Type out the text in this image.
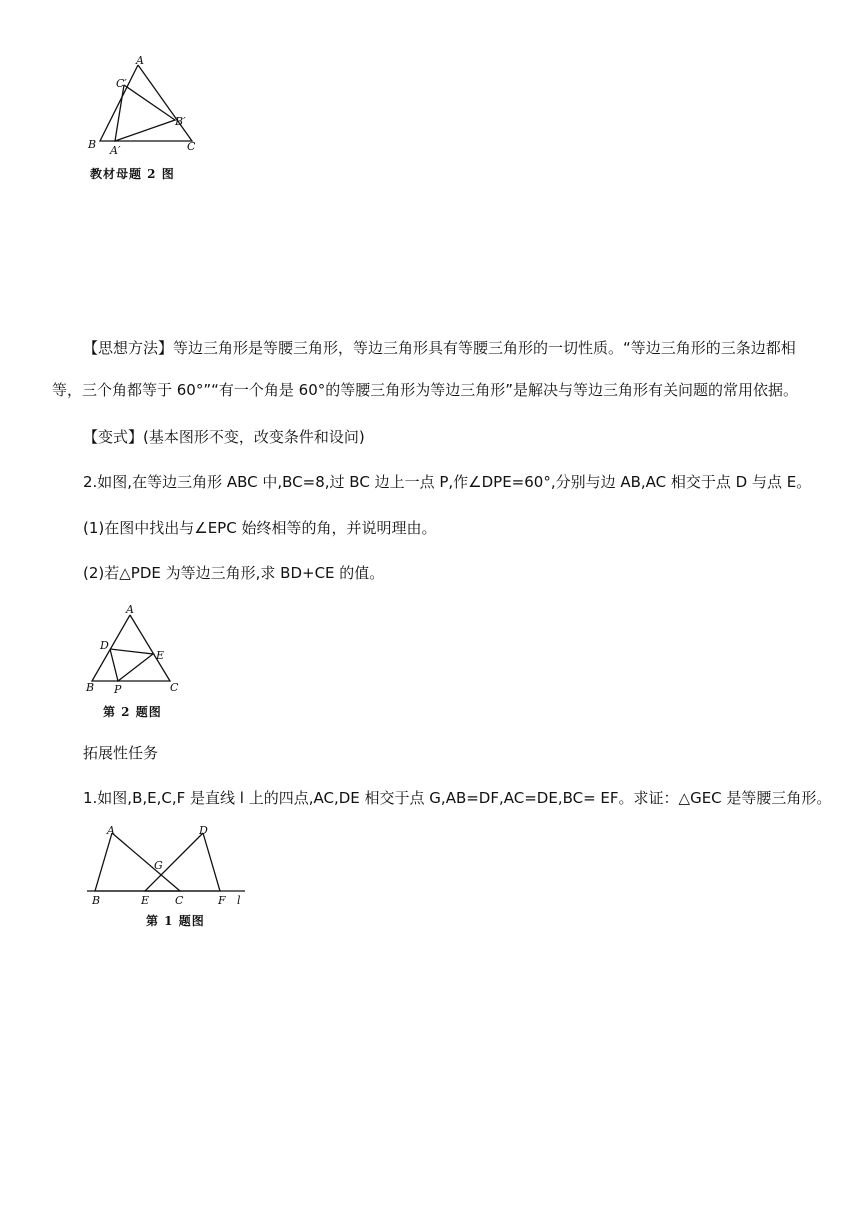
A
C′
B′
B A′	C
教材母题 2 图
【思想方法】等边三角形是等腰三角形，等边三角形具有等腰三角形的一切性质。“等边三角形的三条边都相
等，三个角都等于 60°”“有一个角是 60°的等腰三角形为等边三角形”是解决与等边三角形有关问题的常用依据。
【变式】(基本图形不变，改变条件和设问)
2.如图,在等边三角形 ABC 中,BC=8,过 BC 边上一点 P,作∠DPE=60°,分别与边 AB,AC 相交于点 D 与点 E。
(1)在图中找出与∠EPC 始终相等的角，并说明理由。
(2)若△PDE 为等边三角形,求 BD+CE 的值。
A
D
E
B P	C
第 2 题图
拓展性任务
1.如图,B,E,C,F 是直线 l 上的四点,AC,DE 相交于点 G,AB=DF,AC=DE,BC= EF。求证：△GEC 是等腰三角形。
A	D
G
B	E C	F l
第 1 题图
